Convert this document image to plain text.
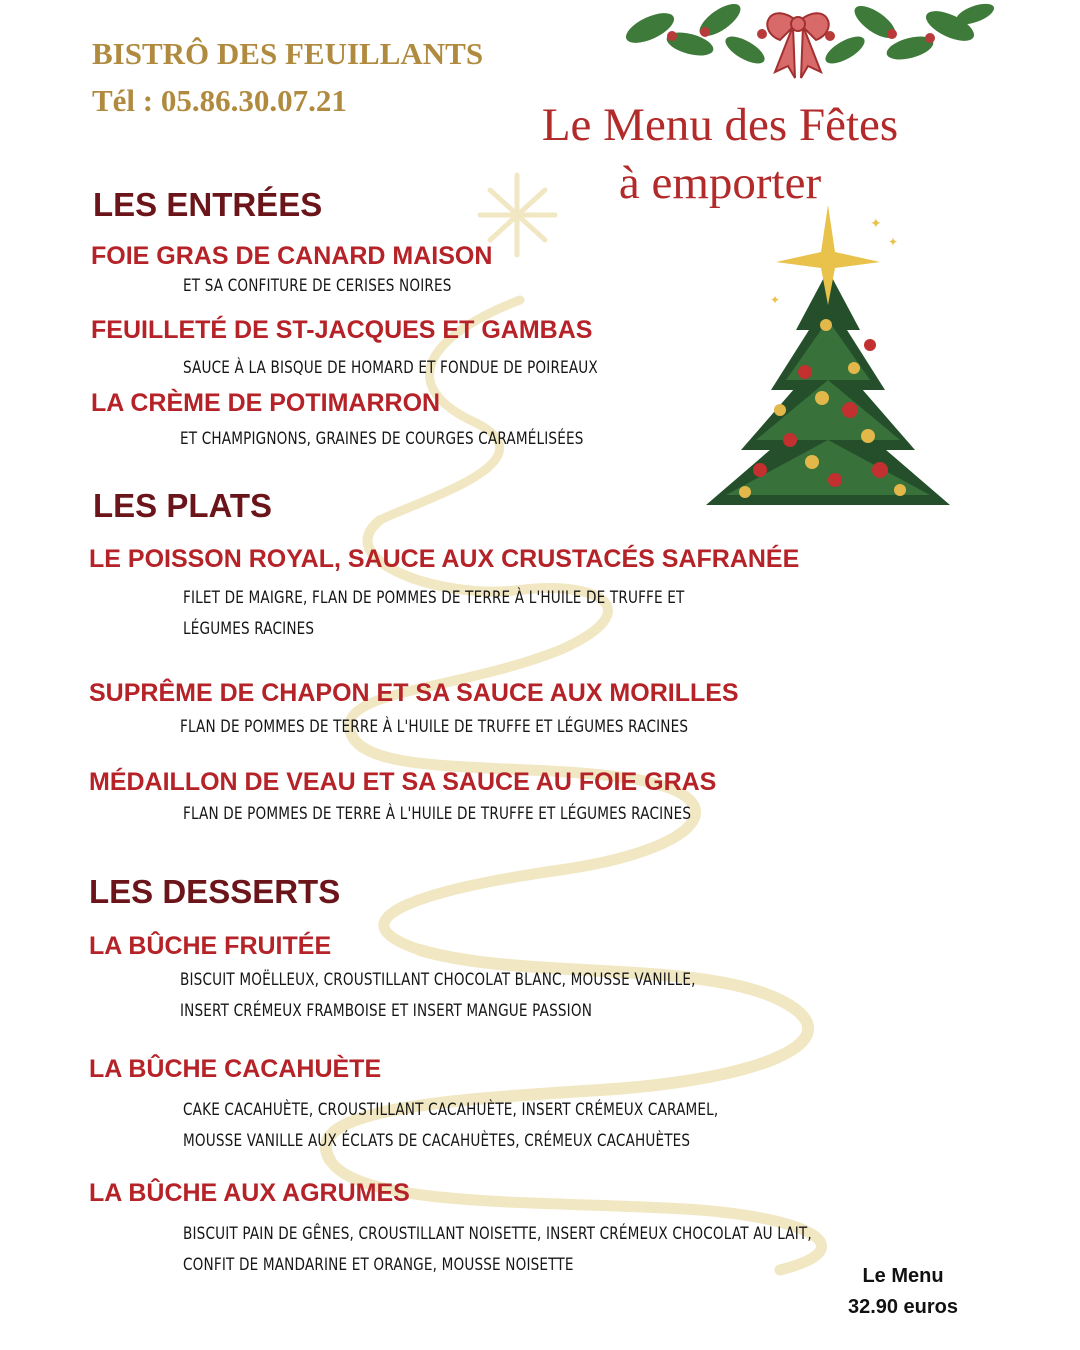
✦
✦
✦
BISTRÔ DES FEUILLANTS
Tél : 05.86.30.07.21	Le Menu des Fêtes
à emporter
LES ENTRÉES
FOIE GRAS DE CANARD MAISON
ET SA CONFITURE DE CERISES NOIRES
FEUILLETÉ DE ST-JACQUES ET GAMBAS
SAUCE À LA BISQUE DE HOMARD ET FONDUE DE POIREAUX
LA CRÈME DE POTIMARRON
ET CHAMPIGNONS, GRAINES DE COURGES CARAMÉLISÉES
LES PLATS
LE POISSON ROYAL, SAUCE AUX CRUSTACÉS SAFRANÉE
FILET DE MAIGRE, FLAN DE POMMES DE TERRE À L'HUILE DE TRUFFE ET
LÉGUMES RACINES
SUPRÊME DE CHAPON ET SA SAUCE AUX MORILLES
FLAN DE POMMES DE TERRE À L'HUILE DE TRUFFE ET LÉGUMES RACINES
MÉDAILLON DE VEAU ET SA SAUCE AU FOIE GRAS
FLAN DE POMMES DE TERRE À L'HUILE DE TRUFFE ET LÉGUMES RACINES
LES DESSERTS
LA BÛCHE FRUITÉE
BISCUIT MOËLLEUX, CROUSTILLANT CHOCOLAT BLANC, MOUSSE VANILLE,
INSERT CRÉMEUX FRAMBOISE ET INSERT MANGUE PASSION
LA BÛCHE CACAHUÈTE
CAKE CACAHUÈTE, CROUSTILLANT CACAHUÈTE, INSERT CRÉMEUX CARAMEL,
MOUSSE VANILLE AUX ÉCLATS DE CACAHUÈTES, CRÉMEUX CACAHUÈTES
LA BÛCHE AUX AGRUMES
BISCUIT PAIN DE GÊNES, CROUSTILLANT NOISETTE, INSERT CRÉMEUX CHOCOLAT AU LAIT,
CONFIT DE MANDARINE ET ORANGE, MOUSSE NOISETTE	Le Menu
32.90 euros
